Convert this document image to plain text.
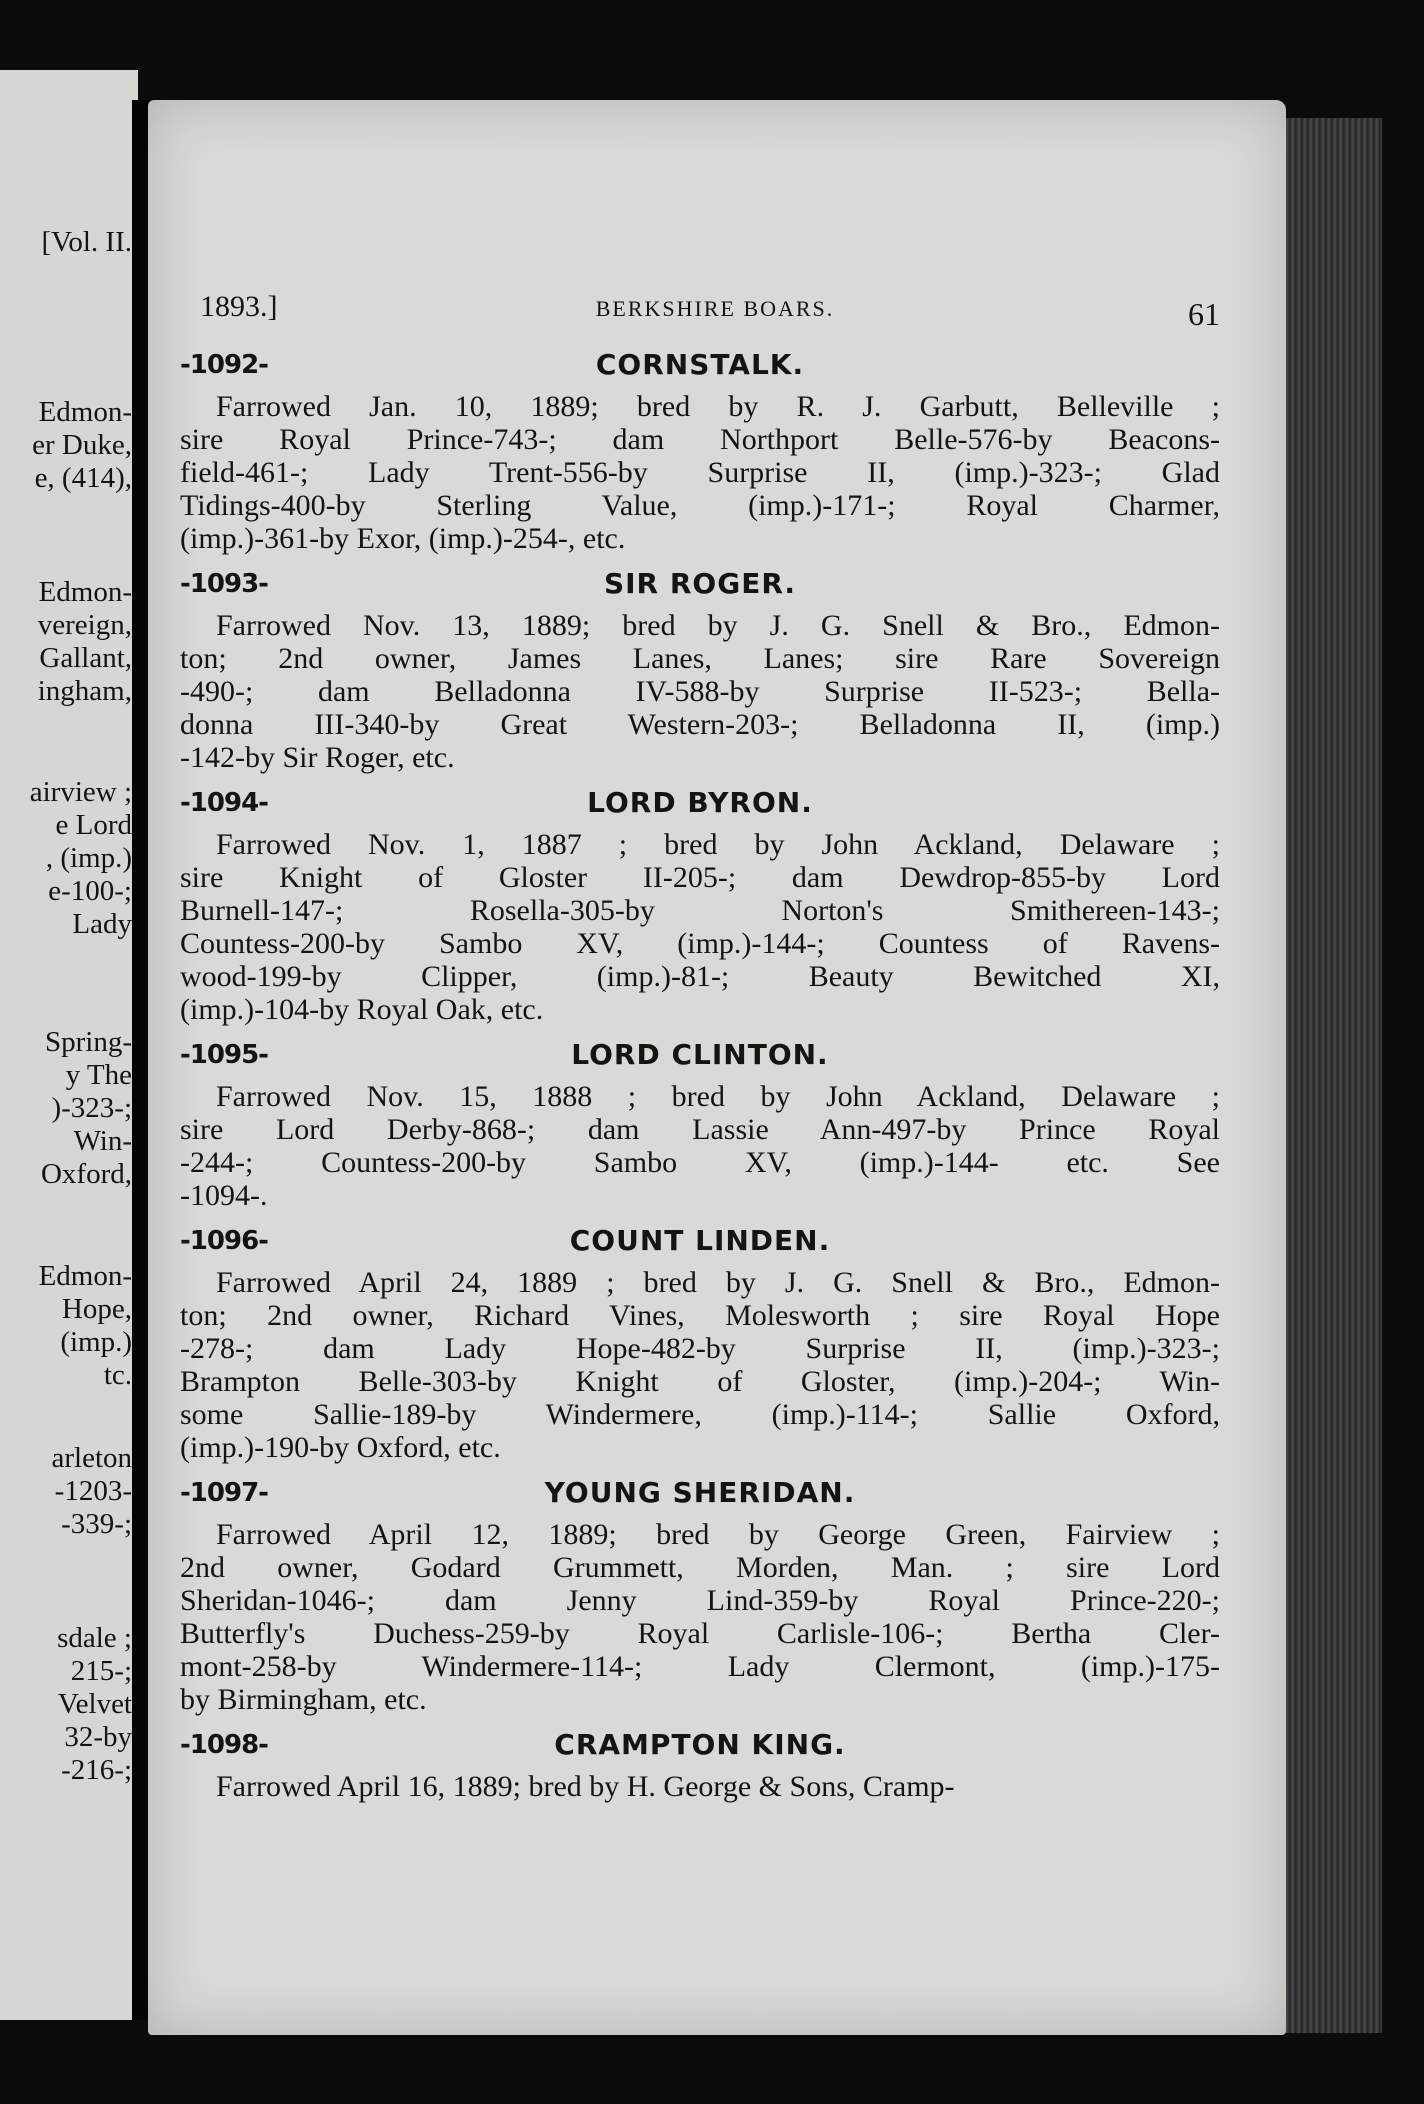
[Vol. II.
Edmon-
er Duke,
e, (414),
Edmon-
vereign,
Gallant,
ingham,
airview ;
e Lord
, (imp.)
e-100-;
Lady
Spring-
y The
)-323-;
Win-
Oxford,
Edmon-
Hope,
(imp.)
tc.
arleton
-1203-
-339-;
sdale ;
215-;
Velvet
32-by
-216-;
1893.]	BERKSHIRE BOARS.	61
-1092-	CORNSTALK.
Farrowed Jan. 10, 1889; bred by R. J. Garbutt, Belleville ;
sire Royal Prince-743-; dam Northport Belle-576-by Beacons-
field-461-; Lady Trent-556-by Surprise II, (imp.)-323-; Glad
Tidings-400-by Sterling Value, (imp.)-171-; Royal Charmer,
(imp.)-361-by Exor, (imp.)-254-, etc.
-1093-	SIR ROGER.
Farrowed Nov. 13, 1889; bred by J. G. Snell & Bro., Edmon-
ton; 2nd owner, James Lanes, Lanes; sire Rare Sovereign
-490-; dam Belladonna IV-588-by Surprise II-523-; Bella-
donna III-340-by Great Western-203-; Belladonna II, (imp.)
-142-by Sir Roger, etc.
-1094-	LORD BYRON.
Farrowed Nov. 1, 1887 ; bred by John Ackland, Delaware ;
sire Knight of Gloster II-205-; dam Dewdrop-855-by Lord
Burnell-147-; Rosella-305-by Norton's Smithereen-143-;
Countess-200-by Sambo XV, (imp.)-144-; Countess of Ravens-
wood-199-by Clipper, (imp.)-81-; Beauty Bewitched XI,
(imp.)-104-by Royal Oak, etc.
-1095-	LORD CLINTON.
Farrowed Nov. 15, 1888 ; bred by John Ackland, Delaware ;
sire Lord Derby-868-; dam Lassie Ann-497-by Prince Royal
-244-; Countess-200-by Sambo XV, (imp.)-144- etc. See
-1094-.
-1096-	COUNT LINDEN.
Farrowed April 24, 1889 ; bred by J. G. Snell & Bro., Edmon-
ton; 2nd owner, Richard Vines, Molesworth ; sire Royal Hope
-278-; dam Lady Hope-482-by Surprise II, (imp.)-323-;
Brampton Belle-303-by Knight of Gloster, (imp.)-204-; Win-
some Sallie-189-by Windermere, (imp.)-114-; Sallie Oxford,
(imp.)-190-by Oxford, etc.
-1097-	YOUNG SHERIDAN.
Farrowed April 12, 1889; bred by George Green, Fairview ;
2nd owner, Godard Grummett, Morden, Man. ; sire Lord
Sheridan-1046-; dam Jenny Lind-359-by Royal Prince-220-;
Butterfly's Duchess-259-by Royal Carlisle-106-; Bertha Cler-
mont-258-by Windermere-114-; Lady Clermont, (imp.)-175-
by Birmingham, etc.
-1098-	CRAMPTON KING.
Farrowed April 16, 1889; bred by H. George & Sons, Cramp-
